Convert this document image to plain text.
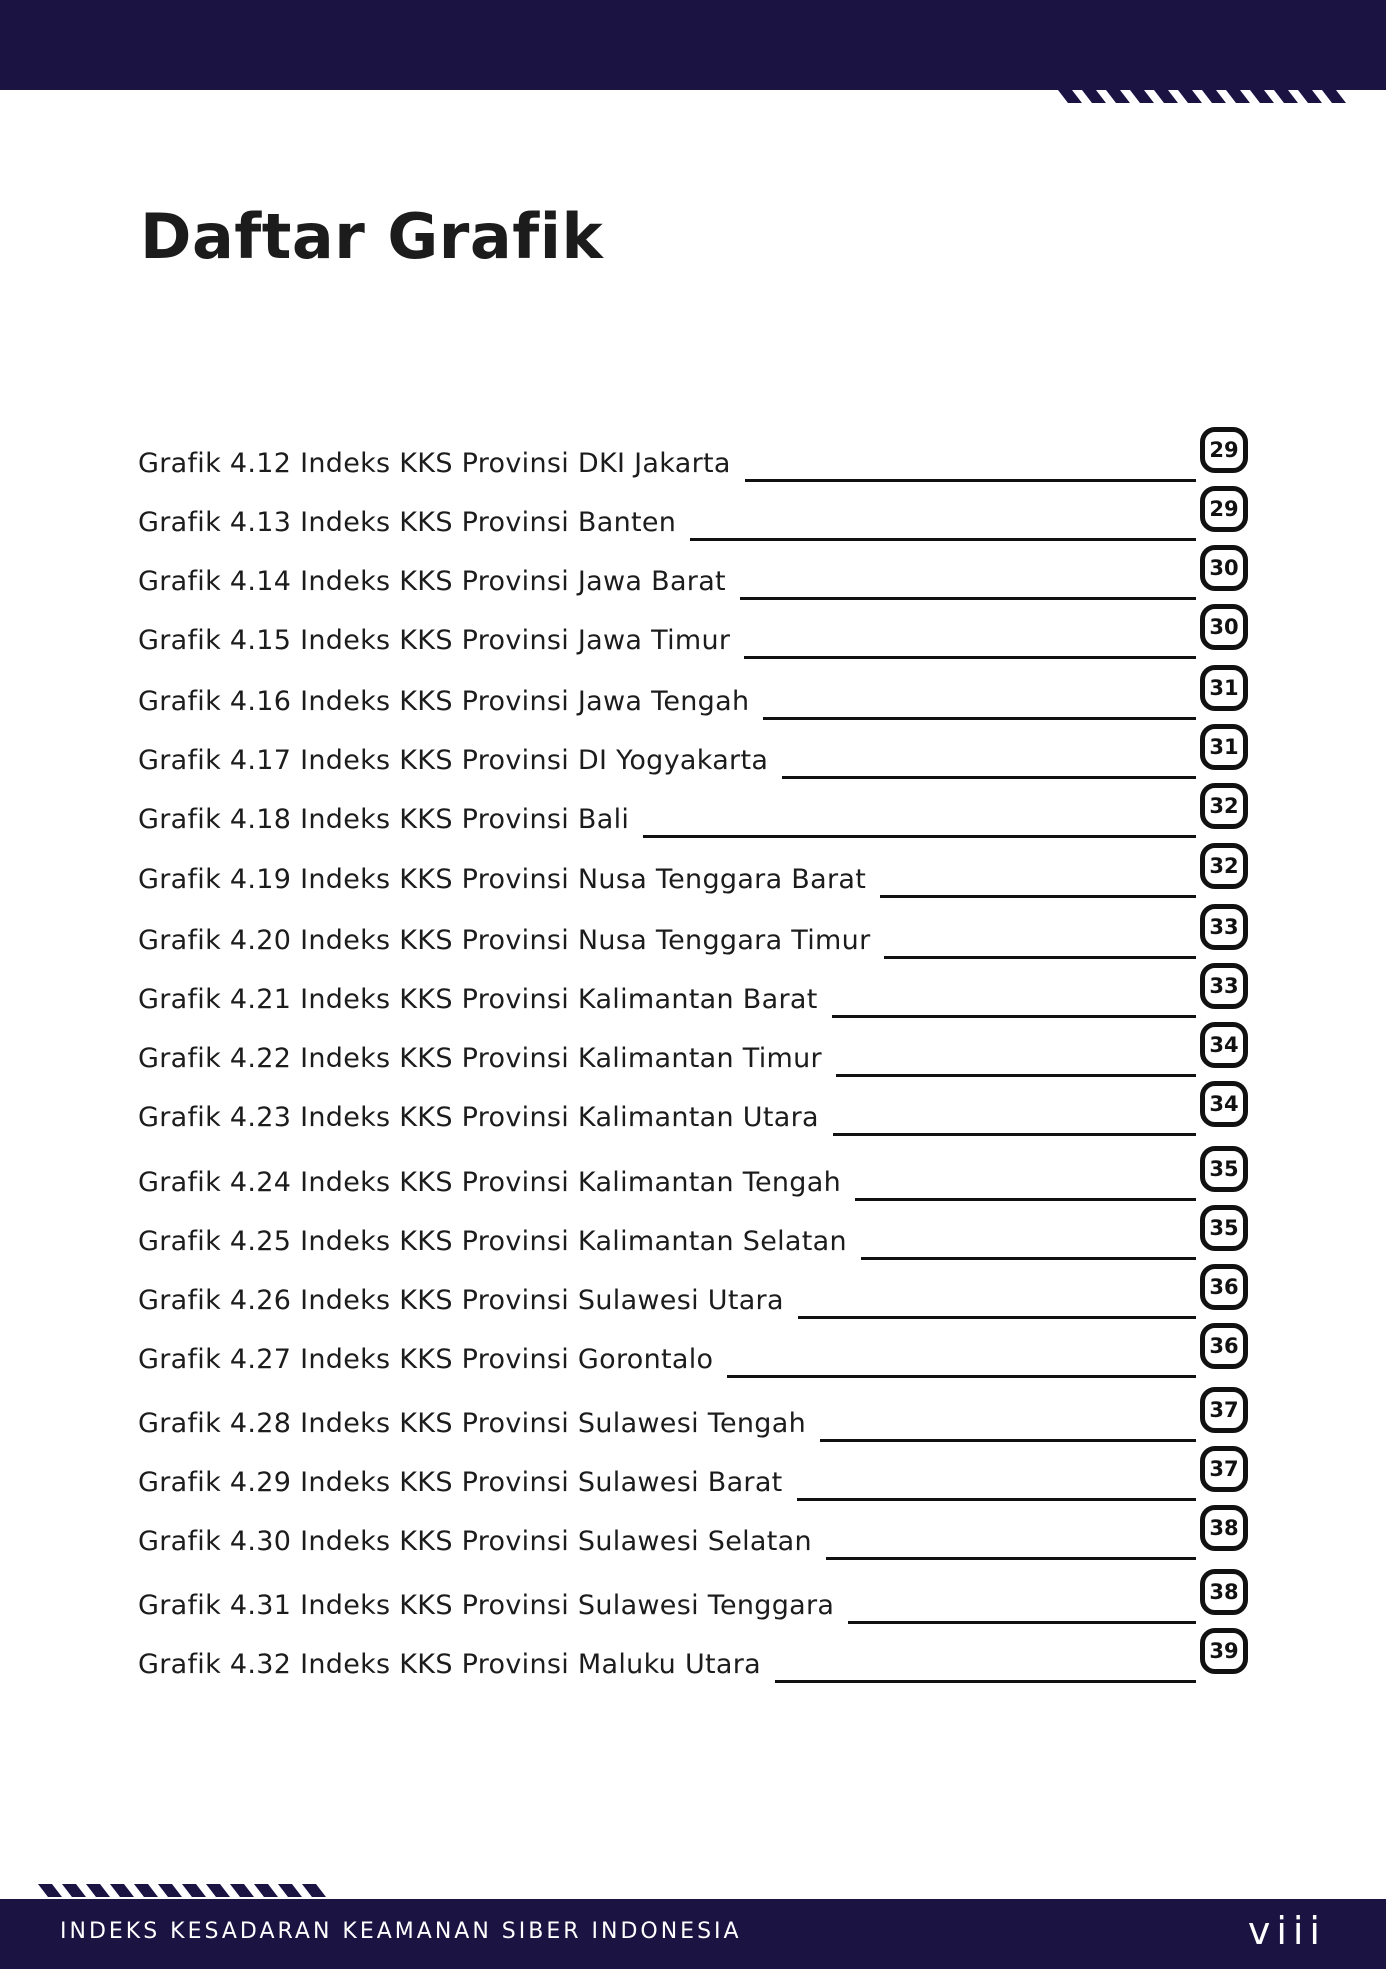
Daftar Grafik
Grafik 4.12 Indeks KKS Provinsi DKI Jakarta	29
Grafik 4.13 Indeks KKS Provinsi Banten	29
Grafik 4.14 Indeks KKS Provinsi Jawa Barat	30
Grafik 4.15 Indeks KKS Provinsi Jawa Timur	30
Grafik 4.16 Indeks KKS Provinsi Jawa Tengah	31
Grafik 4.17 Indeks KKS Provinsi DI Yogyakarta	31
Grafik 4.18 Indeks KKS Provinsi Bali	32
Grafik 4.19 Indeks KKS Provinsi Nusa Tenggara Barat	32
Grafik 4.20 Indeks KKS Provinsi Nusa Tenggara Timur	33
Grafik 4.21 Indeks KKS Provinsi Kalimantan Barat	33
Grafik 4.22 Indeks KKS Provinsi Kalimantan Timur	34
Grafik 4.23 Indeks KKS Provinsi Kalimantan Utara	34
Grafik 4.24 Indeks KKS Provinsi Kalimantan Tengah	35
Grafik 4.25 Indeks KKS Provinsi Kalimantan Selatan	35
Grafik 4.26 Indeks KKS Provinsi Sulawesi Utara	36
Grafik 4.27 Indeks KKS Provinsi Gorontalo	36
Grafik 4.28 Indeks KKS Provinsi Sulawesi Tengah	37
Grafik 4.29 Indeks KKS Provinsi Sulawesi Barat	37
Grafik 4.30 Indeks KKS Provinsi Sulawesi Selatan	38
Grafik 4.31 Indeks KKS Provinsi Sulawesi Tenggara	38
Grafik 4.32 Indeks KKS Provinsi Maluku Utara	39
INDEKS KESADARAN KEAMANAN SIBER INDONESIA	viii
